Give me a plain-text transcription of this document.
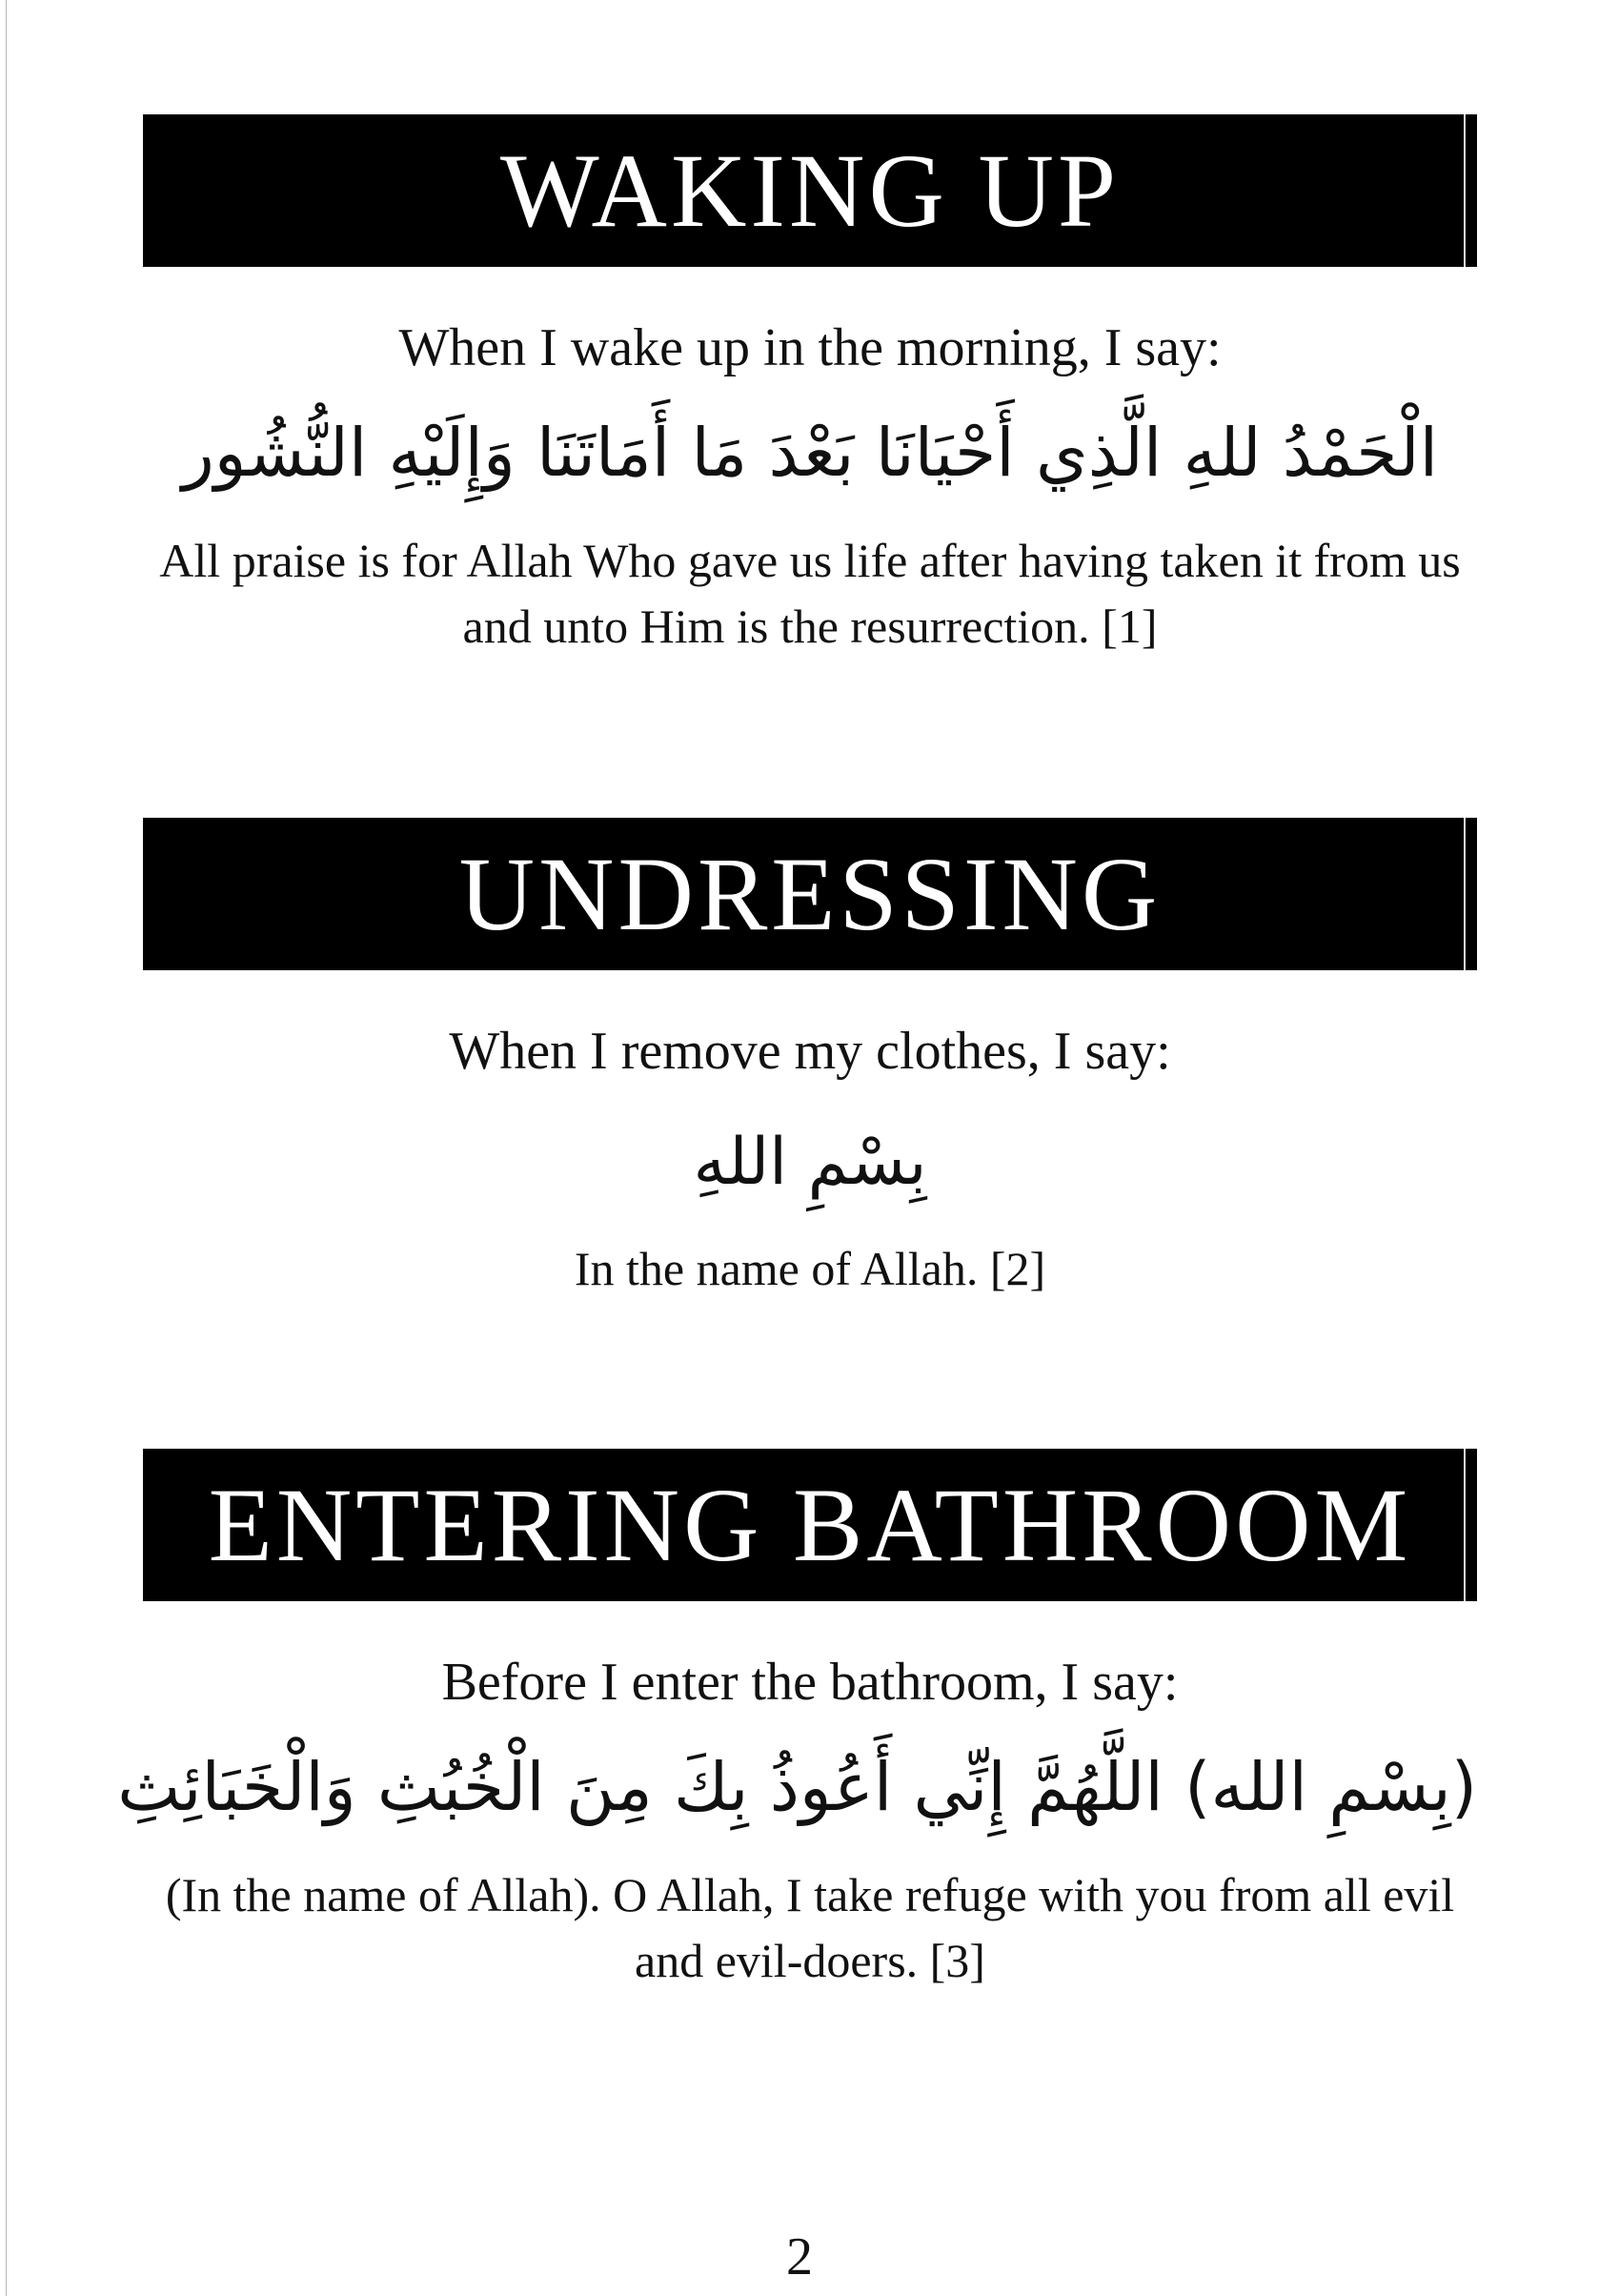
WAKING UP
When I wake up in the morning, I say:
الْحَمْدُ للهِ الَّذِي أَحْيَانَا بَعْدَ مَا أَمَاتَنَا وَإِلَيْهِ النُّشُور
All praise is for Allah Who gave us life after having taken it from us and unto Him is the resurrection. [1]
UNDRESSING
When I remove my clothes, I say:
بِسْمِ اللهِ
In the name of Allah. [2]
ENTERING BATHROOM
Before I enter the bathroom, I say:
(بِسْمِ الله) اللَّهُمَّ إِنِّي أَعُوذُ بِكَ مِنَ الْخُبُثِ وَالْخَبَائِثِ
(In the name of Allah). O Allah, I take refuge with you from all evil and evil-doers. [3]
2
